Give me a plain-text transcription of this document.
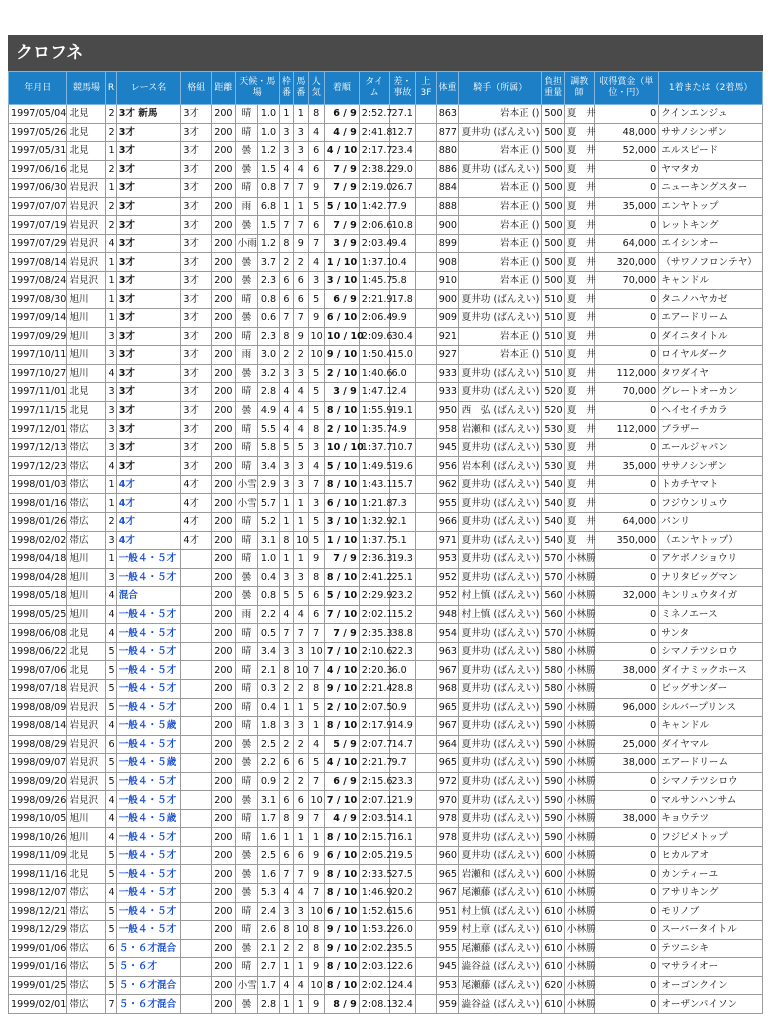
クロフネ
年月日	競馬場	R	レース名	格組	距離	天候・馬場		枠番	馬番	人気	着順	タイム	差・事故	上3F	体重	騎手（所属）	負担重量	調教師	収得賞金（単位・円）	1着または（2着馬）
1997/05/04	北見	2	3才 新馬	3才	200	晴	1.0	1	1	8	6 / 9	2:52.7	27.1		863	岩本正 ()	500	夏　井	0	クインエンジュ
1997/05/26	北見	2	3才	3才	200	晴	1.0	3	3	4	4 / 9	2:41.8	12.7		877	夏井功 (ばんえい)	500	夏　井	48,000	ササノシンザン
1997/05/31	北見	1	3才	3才	200	曇	1.2	3	3	6	4 / 10	2:17.7	23.4		880	岩本正 ()	500	夏　井	52,000	エルスピード
1997/06/16	北見	2	3才	3才	200	曇	1.5	4	4	6	7 / 9	2:38.2	29.0		886	夏井功 (ばんえい)	500	夏　井	0	ヤマタカ
1997/06/30	岩見沢	1	3才	3才	200	晴	0.8	7	7	9	7 / 9	2:19.0	26.7		884	岩本正 ()	500	夏　井	0	ニューキングスター
1997/07/07	岩見沢	2	3才	3才	200	雨	6.8	1	1	5	5 / 10	1:42.7	7.9		888	岩本正 ()	500	夏　井	35,000	エンヤトップ
1997/07/19	岩見沢	2	3才	3才	200	曇	1.5	7	7	6	7 / 9	2:06.6	10.8		900	岩本正 ()	500	夏　井	0	レットキング
1997/07/29	岩見沢	4	3才	3才	200	小雨	1.2	8	9	7	3 / 9	2:03.4	9.4		899	岩本正 ()	500	夏　井	64,000	エイシンオー
1997/08/14	岩見沢	1	3才	3才	200	曇	3.7	2	2	4	1 / 10	1:37.1	0.4		908	岩本正 ()	500	夏　井	320,000	（サワノフロンテヤ）
1997/08/24	岩見沢	1	3才	3才	200	曇	2.3	6	6	3	3 / 10	1:45.7	5.8		910	岩本正 ()	500	夏　井	70,000	キャンドル
1997/08/30	旭川	1	3才	3才	200	晴	0.8	6	6	5	6 / 9	2:21.9	17.8		900	夏井功 (ばんえい)	510	夏　井	0	タニノハヤカゼ
1997/09/14	旭川	1	3才	3才	200	曇	0.6	7	7	9	6 / 10	2:06.4	9.9		909	夏井功 (ばんえい)	510	夏　井	0	エアードリーム
1997/09/29	旭川	3	3才	3才	200	晴	2.3	8	9	10	10 / 10	2:09.6	30.4		921	岩本正 ()	510	夏　井	0	ダイニタイトル
1997/10/11	旭川	3	3才	3才	200	雨	3.0	2	2	10	9 / 10	1:50.4	15.0		927	岩本正 ()	510	夏　井	0	ロイヤルダーク
1997/10/27	旭川	4	3才	3才	200	曇	3.2	3	3	5	2 / 10	1:40.6	6.0		933	夏井功 (ばんえい)	510	夏　井	112,000	タワダイヤ
1997/11/01	北見	3	3才	3才	200	晴	2.8	4	4	5	3 / 9	1:47.1	2.4		933	夏井功 (ばんえい)	520	夏　井	70,000	グレートオーカン
1997/11/15	北見	3	3才	3才	200	曇	4.9	4	4	5	8 / 10	1:55.9	19.1		950	西　弘 (ばんえい)	520	夏　井	0	ヘイセイチカラ
1997/12/01	帯広	3	3才	3才	200	晴	5.5	4	4	8	2 / 10	1:35.7	4.9		958	岩瀬和 (ばんえい)	530	夏　井	112,000	ブラザー
1997/12/13	帯広	3	3才	3才	200	晴	5.8	5	5	3	10 / 10	1:37.7	10.7		945	夏井功 (ばんえい)	530	夏　井	0	エールジャパン
1997/12/23	帯広	4	3才	3才	200	晴	3.4	3	3	4	5 / 10	1:49.5	19.6		956	岩本利 (ばんえい)	530	夏　井	35,000	ササノシンザン
1998/01/03	帯広	1	4才	4才	200	小雪	2.9	3	3	7	8 / 10	1:43.1	15.7		962	夏井功 (ばんえい)	540	夏　井	0	トカチヤマト
1998/01/16	帯広	1	4才	4才	200	小雪	5.7	1	1	3	6 / 10	1:21.8	7.3		955	夏井功 (ばんえい)	540	夏　井	0	フジウンリュウ
1998/01/26	帯広	2	4才	4才	200	晴	5.2	1	1	5	3 / 10	1:32.9	2.1		966	夏井功 (ばんえい)	540	夏　井	64,000	パンリ
1998/02/02	帯広	3	4才	4才	200	晴	3.1	8	10	5	1 / 10	1:37.7	5.1		971	夏井功 (ばんえい)	540	夏　井	350,000	（エンヤトップ）
1998/04/18	旭川	1	一般４・５才		200	晴	1.0	1	1	9	7 / 9	2:36.3	19.3		953	夏井功 (ばんえい)	570	小林勝	0	アケボノショウリ
1998/04/28	旭川	3	一般４・５才		200	曇	0.4	3	3	8	8 / 10	2:41.2	25.1		952	夏井功 (ばんえい)	570	小林勝	0	ナリタビッグマン
1998/05/18	旭川	4	混合		200	曇	0.8	5	5	6	5 / 10	2:29.9	23.2		952	村上慎 (ばんえい)	560	小林勝	32,000	キンリュウタイガ
1998/05/25	旭川	4	一般４・５才		200	雨	2.2	4	4	6	7 / 10	2:02.1	15.2		948	村上慎 (ばんえい)	560	小林勝	0	ミネノエース
1998/06/08	北見	4	一般４・５才		200	晴	0.5	7	7	7	7 / 9	2:35.3	38.8		954	夏井功 (ばんえい)	570	小林勝	0	サンタ
1998/06/22	北見	5	一般４・５才		200	晴	3.4	3	3	10	7 / 10	2:10.6	22.3		963	夏井功 (ばんえい)	580	小林勝	0	シマノテツシロウ
1998/07/06	北見	5	一般４・５才		200	晴	2.1	8	10	7	4 / 10	2:20.3	6.0		967	夏井功 (ばんえい)	580	小林勝	38,000	ダイナミックホース
1998/07/18	岩見沢	5	一般４・５才		200	晴	0.3	2	2	8	9 / 10	2:21.4	28.8		968	夏井功 (ばんえい)	580	小林勝	0	ビッグサンダー
1998/08/09	岩見沢	5	一般４・５才		200	晴	0.4	1	1	5	2 / 10	2:07.5	0.9		965	夏井功 (ばんえい)	590	小林勝	96,000	シルバープリンス
1998/08/14	岩見沢	4	一般４・５歳		200	晴	1.8	3	3	1	8 / 10	2:17.9	14.9		967	夏井功 (ばんえい)	590	小林勝	0	キャンドル
1998/08/29	岩見沢	6	一般４・５才		200	曇	2.5	2	2	4	5 / 9	2:07.7	14.7		964	夏井功 (ばんえい)	590	小林勝	25,000	ダイヤマル
1998/09/07	岩見沢	5	一般４・５歳		200	曇	2.2	6	6	5	4 / 10	2:21.7	9.7		965	夏井功 (ばんえい)	590	小林勝	38,000	エアードリーム
1998/09/20	岩見沢	5	一般４・５才		200	晴	0.9	2	2	7	6 / 9	2:15.6	23.3		972	夏井功 (ばんえい)	590	小林勝	0	シマノテツシロウ
1998/09/26	岩見沢	4	一般４・５才		200	曇	3.1	6	6	10	7 / 10	2:07.1	21.9		970	夏井功 (ばんえい)	590	小林勝	0	マルサンハンサム
1998/10/05	旭川	4	一般４・５歳		200	晴	1.7	8	9	7	4 / 9	2:03.5	14.1		978	夏井功 (ばんえい)	590	小林勝	38,000	キョウテツ
1998/10/26	旭川	4	一般４・５才		200	晴	1.6	1	1	1	8 / 10	2:15.7	16.1		978	夏井功 (ばんえい)	590	小林勝	0	フジピメトップ
1998/11/09	北見	5	一般４・５才		200	曇	2.5	6	6	9	6 / 10	2:05.2	19.5		960	夏井功 (ばんえい)	600	小林勝	0	ヒカルアオ
1998/11/16	北見	5	一般４・５才		200	曇	1.6	7	7	9	8 / 10	2:33.5	27.5		965	岩瀬和 (ばんえい)	600	小林勝	0	カンティーユ
1998/12/07	帯広	4	一般４・５才		200	曇	5.3	4	4	7	8 / 10	1:46.9	20.2		967	尾瀬藤 (ばんえい)	610	小林勝	0	アサリキング
1998/12/21	帯広	5	一般４・５才		200	晴	2.4	3	3	10	6 / 10	1:52.6	15.6		951	村上慎 (ばんえい)	610	小林勝	0	モリノブ
1998/12/29	帯広	5	一般４・５才		200	晴	2.6	8	10	8	9 / 10	1:53.2	26.0		959	村上章 (ばんえい)	610	小林勝	0	スーパータイトル
1999/01/06	帯広	6	５・６才混合		200	曇	2.1	2	2	8	9 / 10	2:02.2	35.5		955	尾瀬藤 (ばんえい)	610	小林勝	0	テツニシキ
1999/01/16	帯広	5	５・６才		200	晴	2.7	1	1	9	8 / 10	2:03.1	22.6		945	澁谷益 (ばんえい)	610	小林勝	0	マサライオー
1999/01/25	帯広	5	５・６才混合		200	小雪	1.7	4	4	10	8 / 10	2:02.1	24.4		953	尾瀬藤 (ばんえい)	620	小林勝	0	オーゴンクイン
1999/02/01	帯広	7	５・６才混合		200	曇	2.8	1	1	9	8 / 9	2:08.1	32.4		959	澁谷益 (ばんえい)	610	小林勝	0	オーザンパイソン
